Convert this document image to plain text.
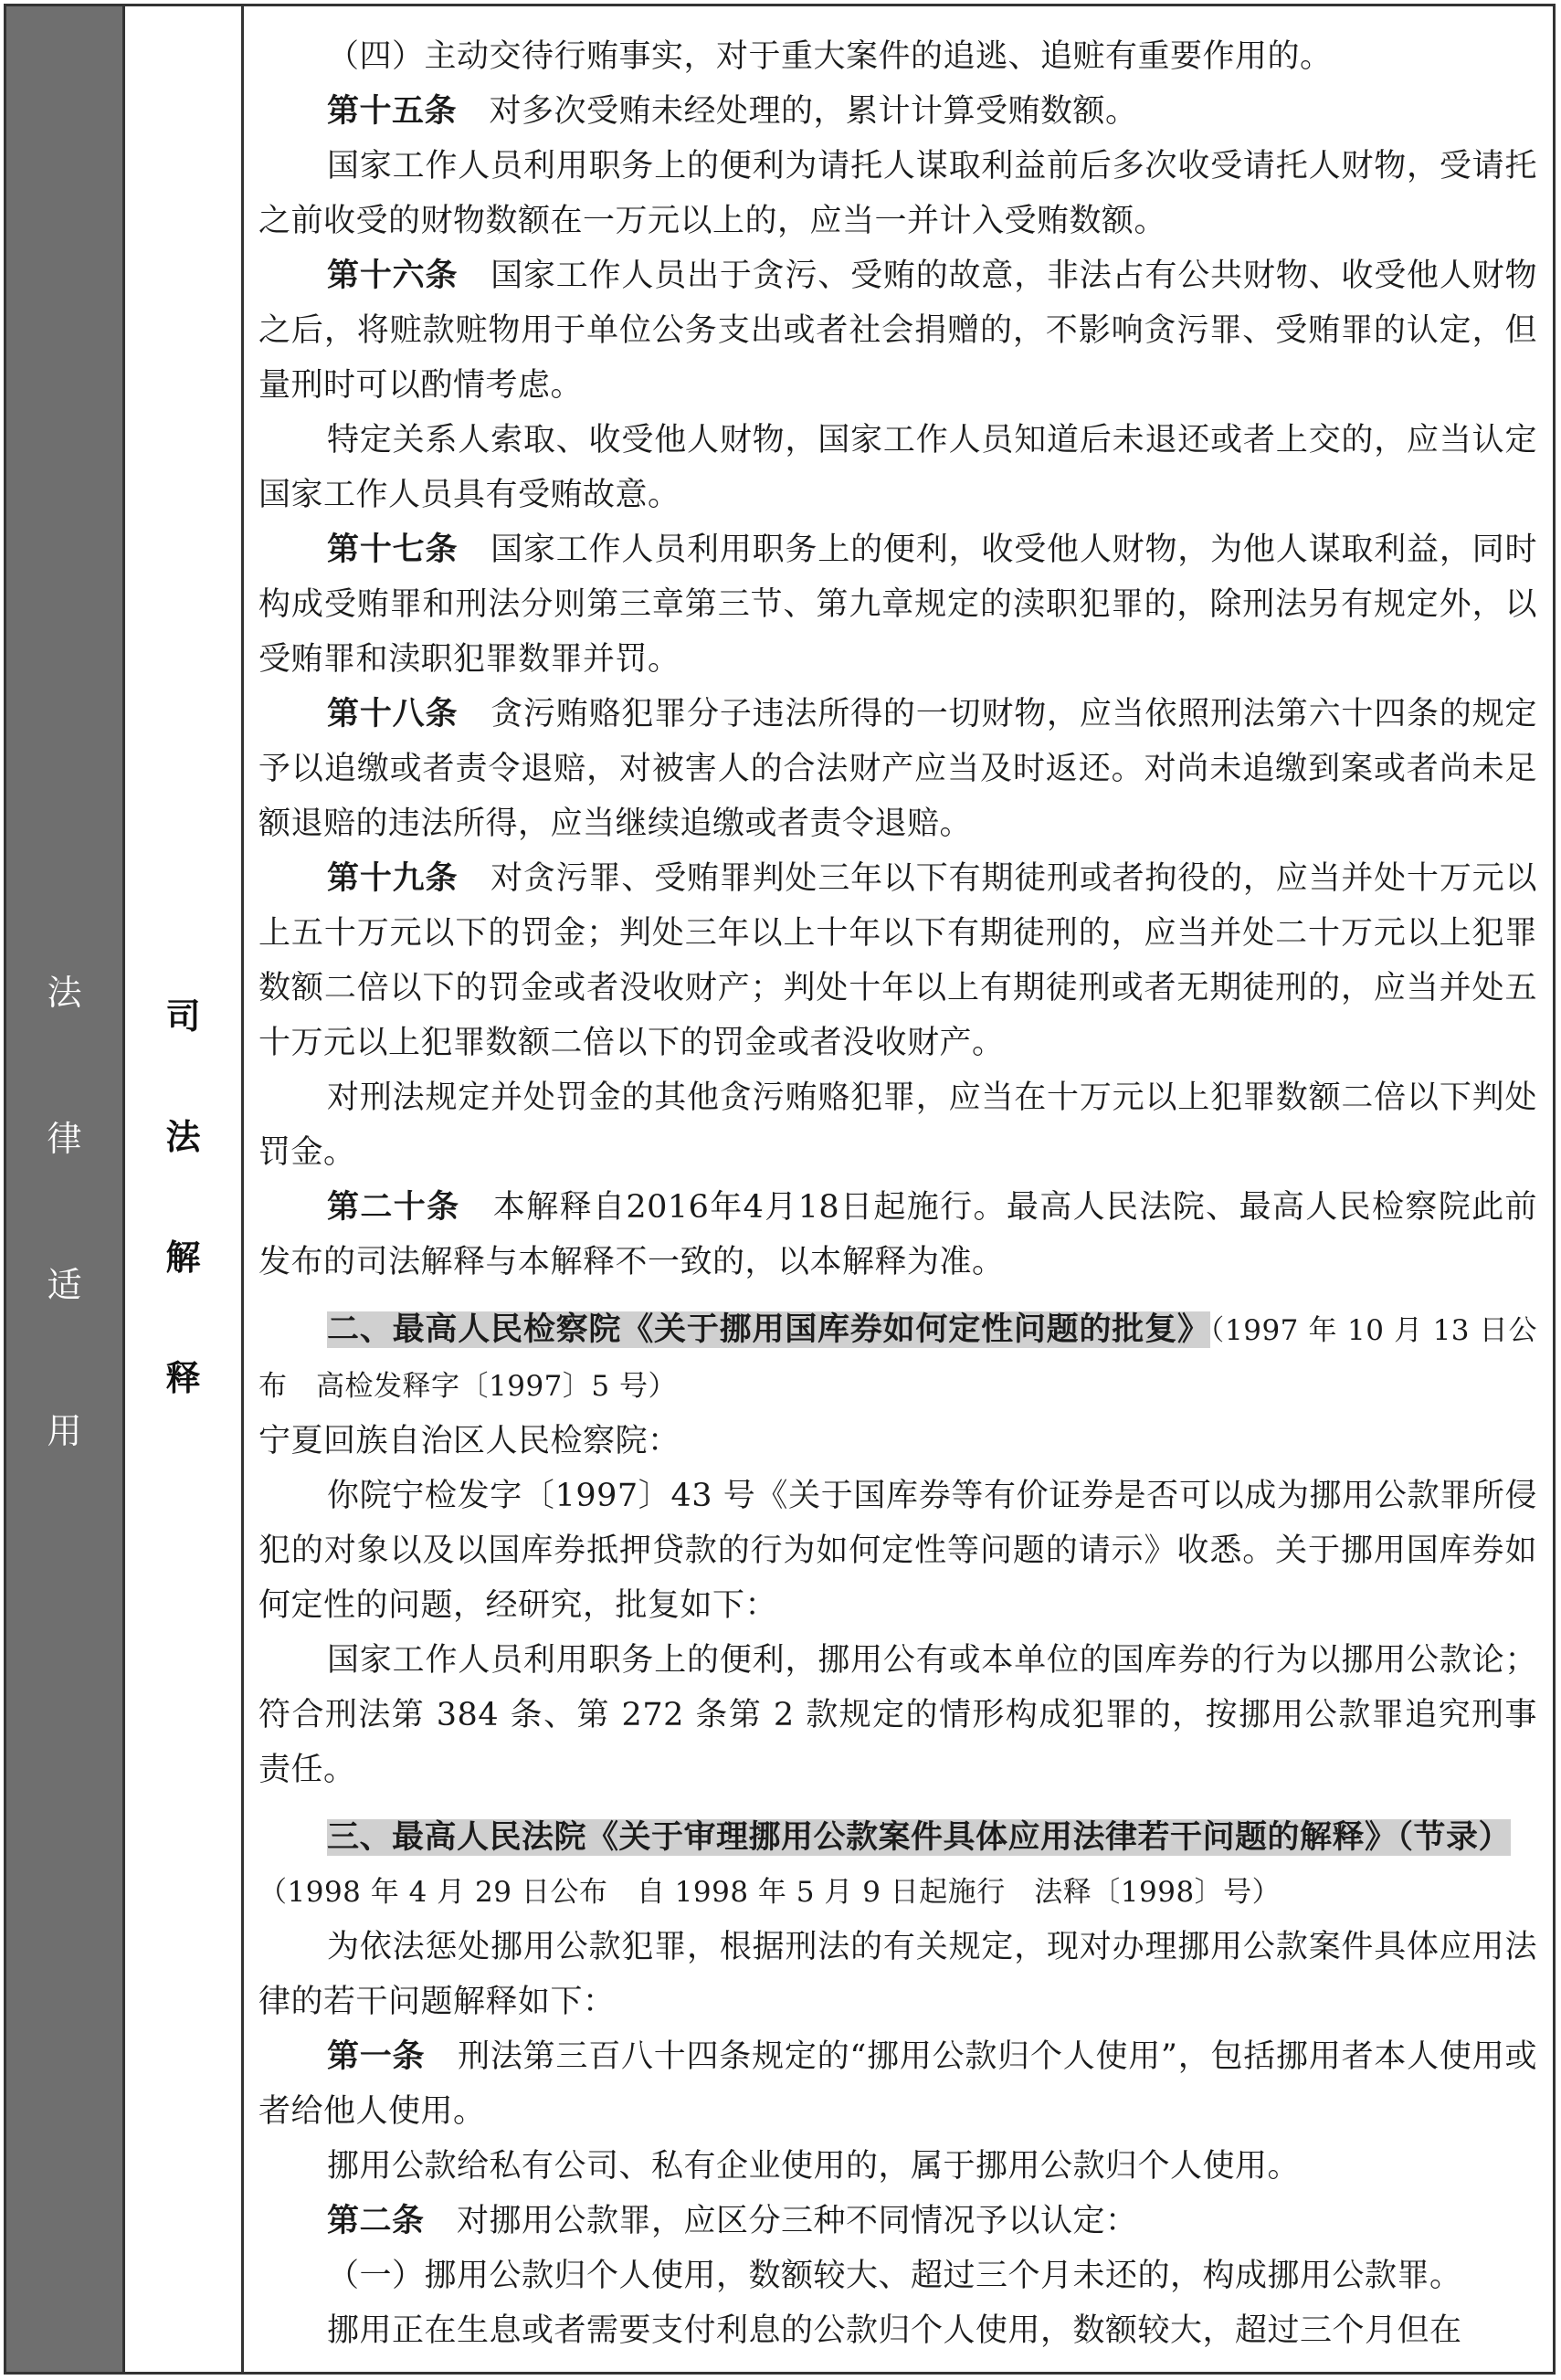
法
律
适
用
司
法
解
释

（四）主动交待行贿事实，对于重大案件的追逃、追赃有重要作用的。

第十五条　对多次受贿未经处理的，累计计算受贿数额。

国家工作人员利用职务上的便利为请托人谋取利益前后多次收受请托人财物，受请托之前收受的财物数额在一万元以上的，应当一并计入受贿数额。

第十六条　国家工作人员出于贪污、受贿的故意，非法占有公共财物、收受他人财物之后，将赃款赃物用于单位公务支出或者社会捐赠的，不影响贪污罪、受贿罪的认定，但量刑时可以酌情考虑。

特定关系人索取、收受他人财物，国家工作人员知道后未退还或者上交的，应当认定国家工作人员具有受贿故意。

第十七条　国家工作人员利用职务上的便利，收受他人财物，为他人谋取利益，同时构成受贿罪和刑法分则第三章第三节、第九章规定的渎职犯罪的，除刑法另有规定外，以受贿罪和渎职犯罪数罪并罚。

第十八条　贪污贿赂犯罪分子违法所得的一切财物，应当依照刑法第六十四条的规定予以追缴或者责令退赔，对被害人的合法财产应当及时返还。对尚未追缴到案或者尚未足额退赔的违法所得，应当继续追缴或者责令退赔。

第十九条　对贪污罪、受贿罪判处三年以下有期徒刑或者拘役的，应当并处十万元以上五十万元以下的罚金；判处三年以上十年以下有期徒刑的，应当并处二十万元以上犯罪数额二倍以下的罚金或者没收财产；判处十年以上有期徒刑或者无期徒刑的，应当并处五十万元以上犯罪数额二倍以下的罚金或者没收财产。

对刑法规定并处罚金的其他贪污贿赂犯罪，应当在十万元以上犯罪数额二倍以下判处罚金。

第二十条　本解释自2016年4月18日起施行。最高人民法院、最高人民检察院此前发布的司法解释与本解释不一致的，以本解释为准。

二、最高人民检察院《关于挪用国库券如何定性问题的批复》（1997 年 10 月 13 日公布　高检发释字〔1997〕5 号）

宁夏回族自治区人民检察院：

你院宁检发字〔1997〕43 号《关于国库券等有价证券是否可以成为挪用公款罪所侵犯的对象以及以国库券抵押贷款的行为如何定性等问题的请示》收悉。关于挪用国库券如何定性的问题，经研究，批复如下：

国家工作人员利用职务上的便利，挪用公有或本单位的国库券的行为以挪用公款论；符合刑法第 384 条、第 272 条第 2 款规定的情形构成犯罪的，按挪用公款罪追究刑事责任。

三、最高人民法院《关于审理挪用公款案件具体应用法律若干问题的解释》（节录）

（1998 年 4 月 29 日公布　自 1998 年 5 月 9 日起施行　法释〔1998〕号）

为依法惩处挪用公款犯罪，根据刑法的有关规定，现对办理挪用公款案件具体应用法律的若干问题解释如下：

第一条　刑法第三百八十四条规定的“挪用公款归个人使用”，包括挪用者本人使用或者给他人使用。

挪用公款给私有公司、私有企业使用的，属于挪用公款归个人使用。

第二条　对挪用公款罪，应区分三种不同情况予以认定：

（一）挪用公款归个人使用，数额较大、超过三个月未还的，构成挪用公款罪。

挪用正在生息或者需要支付利息的公款归个人使用，数额较大，超过三个月但在
